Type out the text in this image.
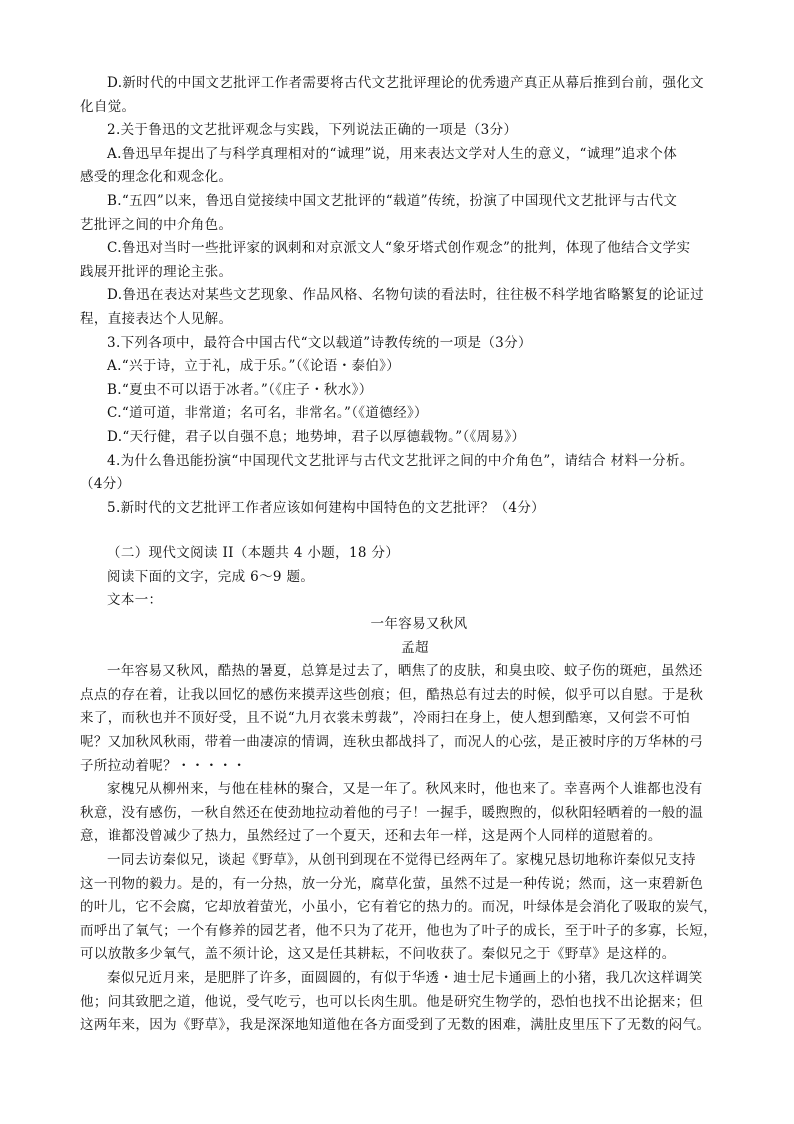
D.新时代的中国文艺批评工作者需要将古代文艺批评理论的优秀遗产真正从幕后推到台前，强化文
化自觉。
2.关于鲁迅的文艺批评观念与实践，下列说法正确的一项是（3分）
A.鲁迅早年提出了与科学真理相对的“诚理”说，用来表达文学对人生的意义，“诚理”追求个体
感受的理念化和观念化。
B.“五四”以来，鲁迅自觉接续中国文艺批评的“载道”传统，扮演了中国现代文艺批评与古代文
艺批评之间的中介角色。
C.鲁迅对当时一些批评家的讽刺和对京派文人“象牙塔式创作观念”的批判，体现了他结合文学实
践展开批评的理论主张。
D.鲁迅在表达对某些文艺现象、作品风格、名物句读的看法时，往往极不科学地省略繁复的论证过
程，直接表达个人见解。
3.下列各项中，最符合中国古代“文以载道”诗教传统的一项是（3分）
A.“兴于诗，立于礼，成于乐。”（《论语・泰伯》）
B.“夏虫不可以语于冰者。”（《庄子・秋水》）
C.“道可道，非常道；名可名，非常名。”（《道德经》）
D.“天行健，君子以自强不息；地势坤，君子以厚德载物。”（《周易》）
4.为什么鲁迅能扮演“中国现代文艺批评与古代文艺批评之间的中介角色”，请结合 材料一分析。
（4分）
5.新时代的文艺批评工作者应该如何建构中国特色的文艺批评？（4分）
（二）现代文阅读 II（本题共 4 小题，18 分）
阅读下面的文字，完成 6～9 题。
文本一：
一年容易又秋风
孟超
一年容易又秋风，酷热的暑夏，总算是过去了，晒焦了的皮肤，和臭虫咬、蚊子伤的斑疤，虽然还
点点的存在着，让我以回忆的感伤来摸弄这些创痕；但，酷热总有过去的时候，似乎可以自慰。于是秋
来了，而秋也并不顶好受，且不说“九月衣裳未剪裁”，冷雨扫在身上，使人想到酷寒，又何尝不可怕
呢？又加秋风秋雨，带着一曲凄凉的情调，连秋虫都战抖了，而况人的心弦，是正被时序的万华林的弓
子所拉动着呢？・・・・・
家槐兄从柳州来，与他在桂林的聚合，又是一年了。秋风来时，他也来了。幸喜两个人谁都也没有
秋意，没有感伤，一秋自然还在使劲地拉动着他的弓子！一握手，暖煦煦的，似秋阳轻晒着的一般的温
意，谁都没曾减少了热力，虽然经过了一个夏天，还和去年一样，这是两个人同样的道慰着的。
一同去访秦似兄，谈起《野草》，从创刊到现在不觉得已经两年了。家槐兄恳切地称许秦似兄支持
这一刊物的毅力。是的，有一分热，放一分光，腐草化萤，虽然不过是一种传说；然而，这一束碧新色
的叶儿，它不会腐，它却放着萤光，小虽小，它有着它的热力的。而况，叶绿体是会消化了吸取的炭气，
而呼出了氧气；一个有修养的园艺者，他不只为了花开，他也为了叶子的成长，至于叶子的多寡，长短，
可以放散多少氧气，盖不须计论，这又是任其耕耘，不问收获了。秦似兄之于《野草》是这样的。
秦似兄近月来，是肥胖了许多，面圆圆的，有似于华透・迪士尼卡通画上的小猪，我几次这样调笑
他；问其致肥之道，他说，受气吃亏，也可以长肉生肌。他是研究生物学的，恐怕也找不出论据来；但
这两年来，因为《野草》，我是深深地知道他在各方面受到了无数的困难，满肚皮里压下了无数的闷气。
